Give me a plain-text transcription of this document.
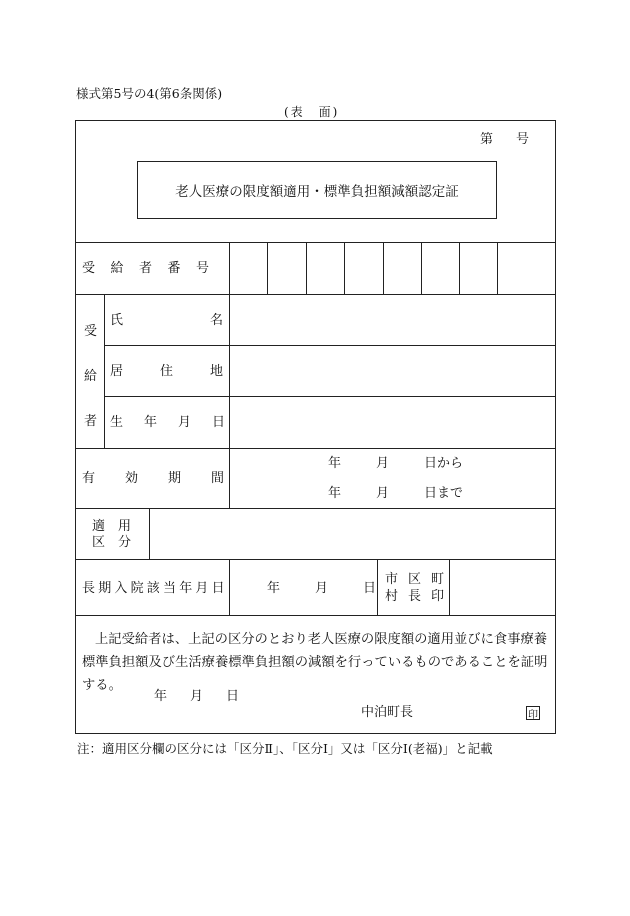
様式第5号の4(第6条関係)
(表　面)
第 号
老人医療の限度額適用・標準負担額減額認定証
受給者番号
受
給
者
氏名
居住地
生年月日
有効期間
年	月	日から
年	月	日まで
適　用
区　分
長期入院該当年月日	年	月	日
市区町
村長印
上記受給者は、上記の区分のとおり老人医療の限度額の適用並びに食事療養標準負担額及び生活療養標準負担額の減額を行っているものであることを証明する。
年 月 日
中泊町長	印
注：適用区分欄の区分には「区分Ⅱ」、「区分Ⅰ」又は「区分Ⅰ(老福)」と記載
